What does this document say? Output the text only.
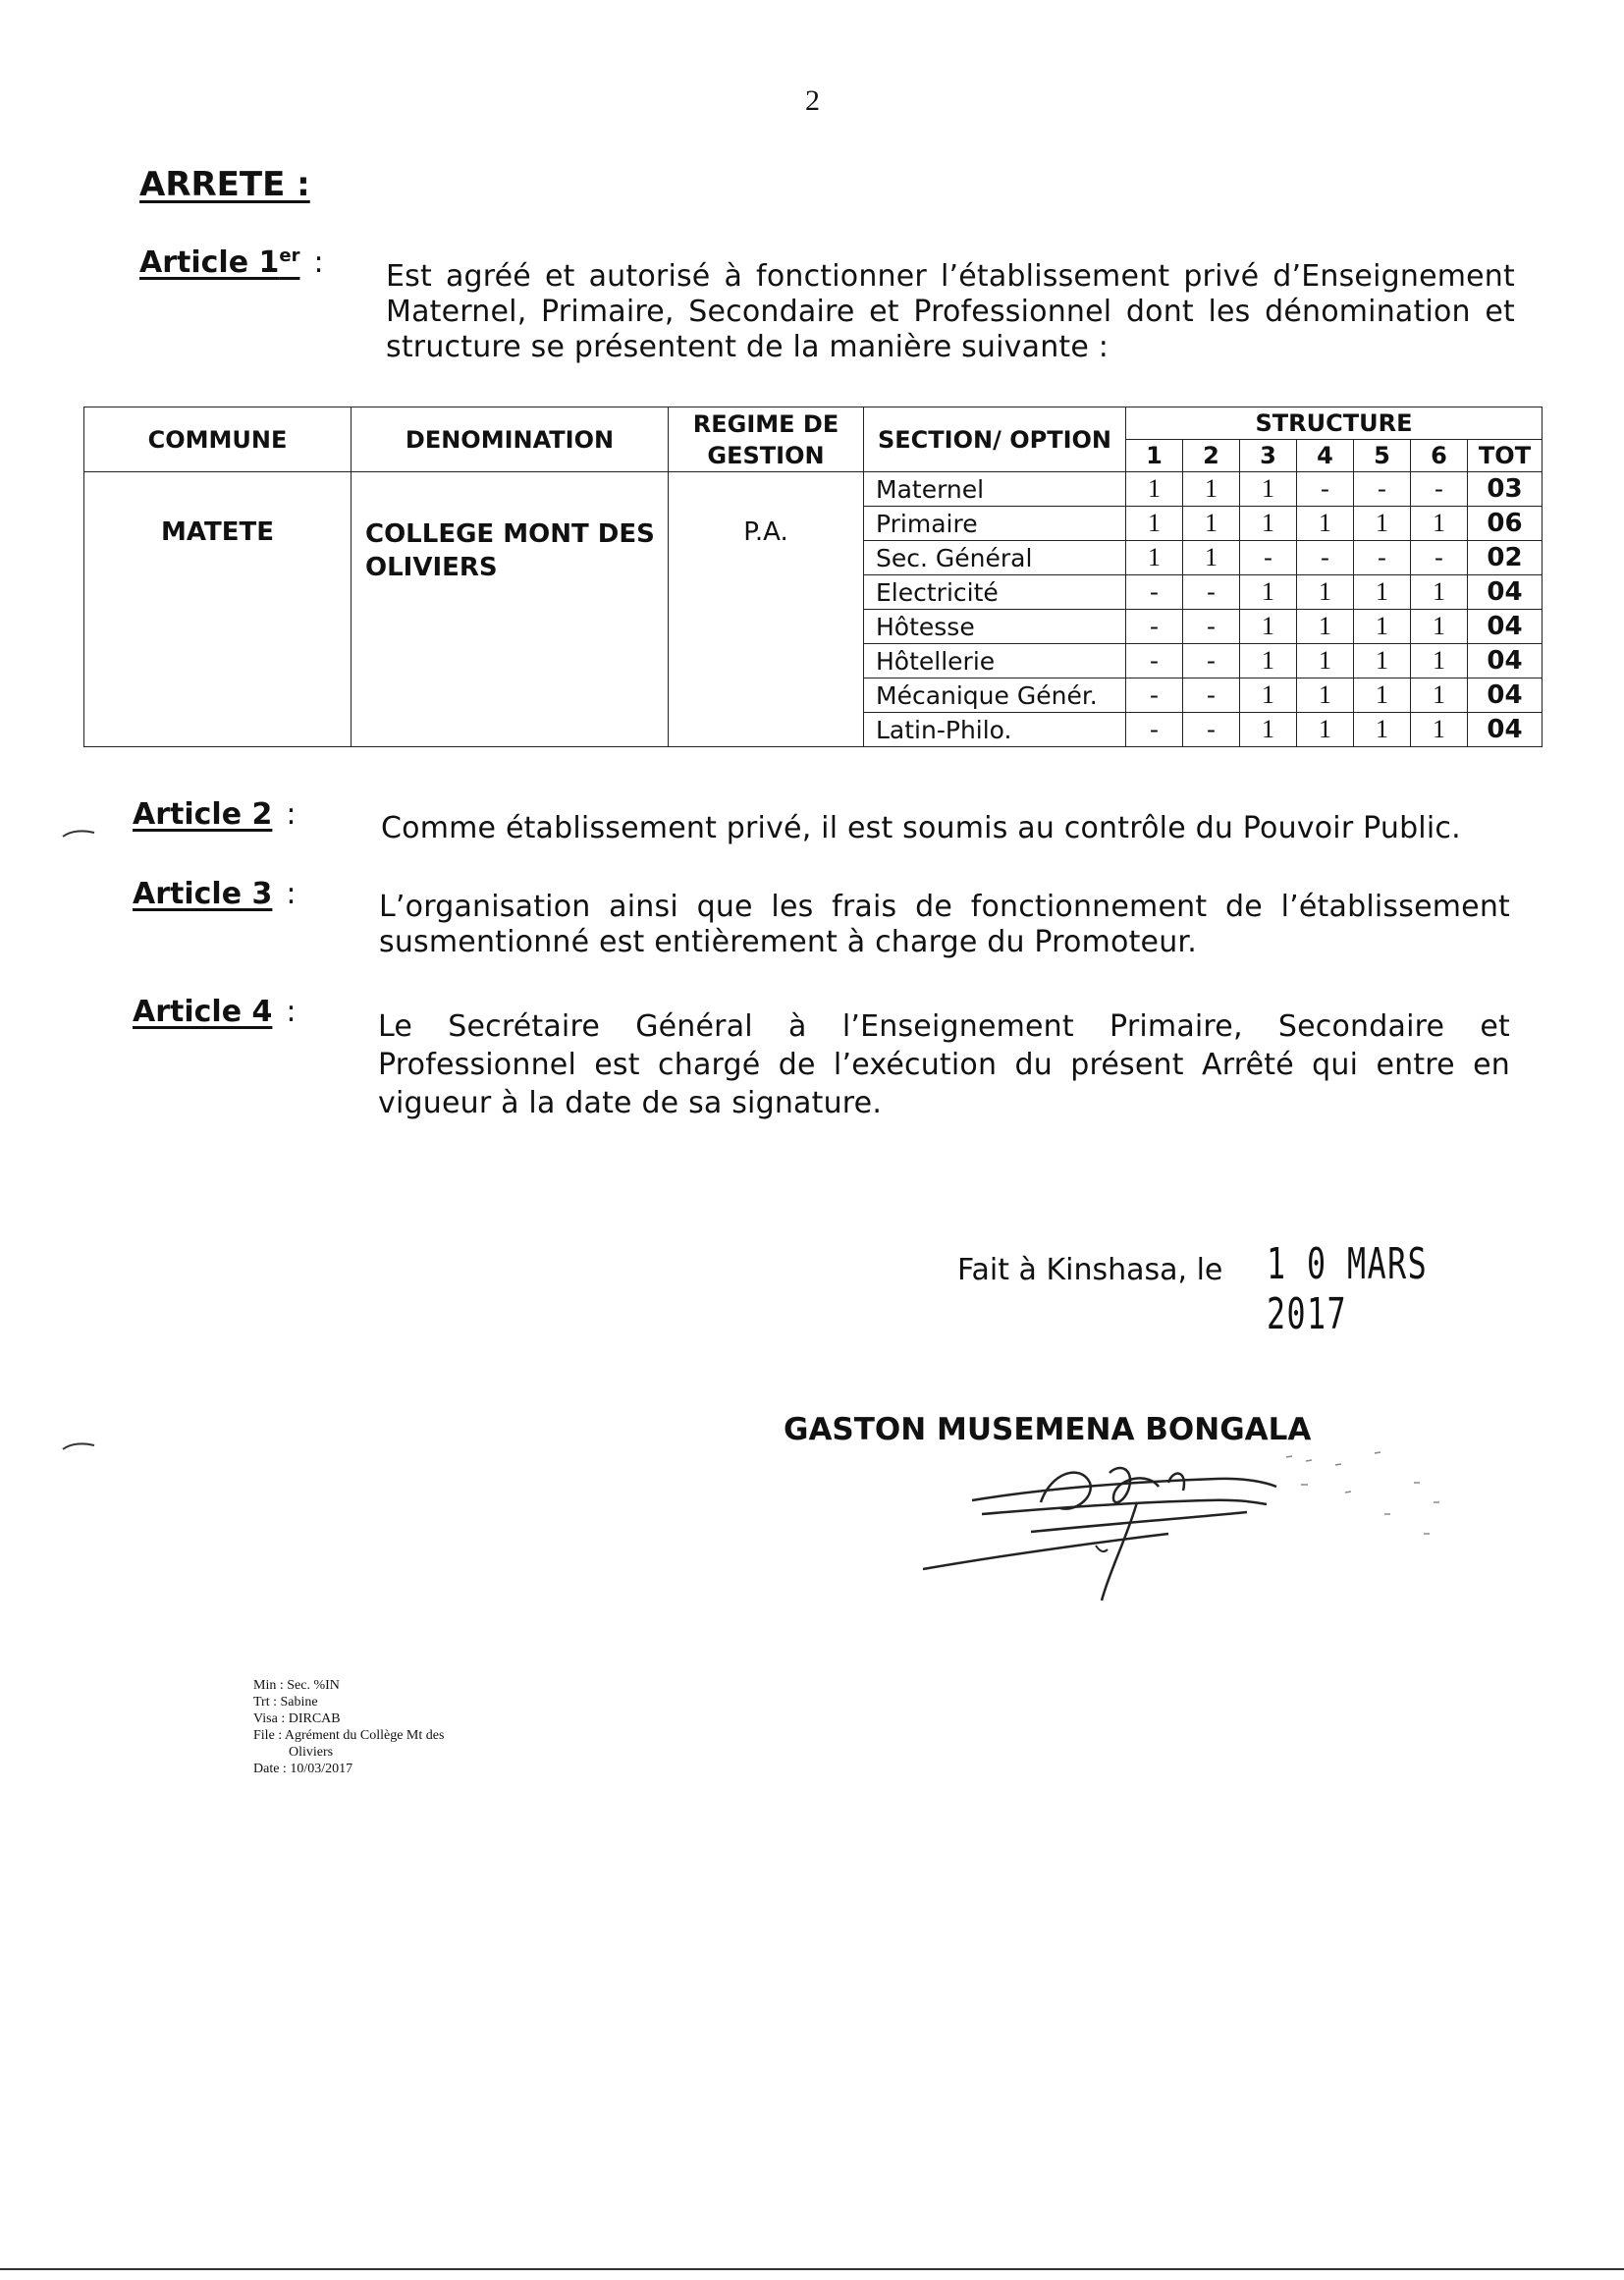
2
ARRETE :
Article 1er : Est agréé et autorisé à fonctionner l’établissement privé d’Enseignement Maternel, Primaire, Secondaire et Professionnel dont les dénomination et structure se présentent de la manière suivante :
COMMUNE	DENOMINATION	REGIME DE GESTION	SECTION/ OPTION	STRUCTURE						
				1	2	3	4	5	6	TOT
MATETE	COLLEGE MONT DES OLIVIERS	P.A.	Maternel	1	1	1	-	-	-	03
			Primaire	1	1	1	1	1	1	06
			Sec. Général	1	1	-	-	-	-	02
			Electricité	-	-	1	1	1	1	04
			Hôtesse	-	-	1	1	1	1	04
			Hôtellerie	-	-	1	1	1	1	04
			Mécanique Génér.	-	-	1	1	1	1	04
			Latin-Philo.	-	-	1	1	1	1	04
Article 2 :	Comme établissement privé, il est soumis au contrôle du Pouvoir Public.
Article 3 :	L’organisation ainsi que les frais de fonctionnement de l’établissement susmentionné est entièrement à charge du Promoteur.
Article 4 :	Le Secrétaire Général à l’Enseignement Primaire, Secondaire et Professionnel est chargé de l’exécution du présent Arrêté qui entre en vigueur à la date de sa signature.
Fait à Kinshasa, le 1 0 MARS 2017
GASTON MUSEMENA BONGALA
Min : Sec. %IN
Trt : Sabine
Visa : DIRCAB
File : Agrément du Collège Mt des
Oliviers
Date : 10/03/2017
